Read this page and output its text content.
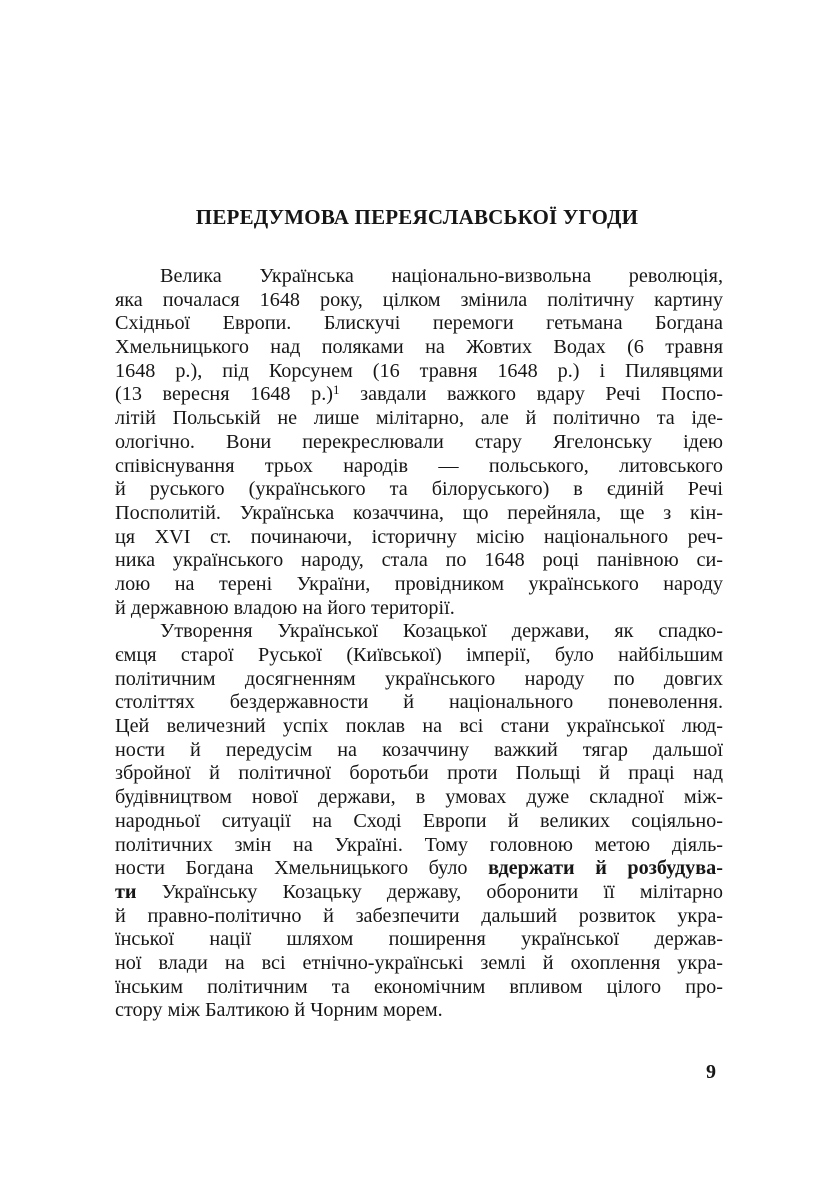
ПЕРЕДУМОВА ПЕРЕЯСЛАВСЬКОЇ УГОДИ
Велика Українська національно-визвольна революція,
яка почалася 1648 року, цілком змінила політичну картину
Східньої Европи. Блискучі перемоги гетьмана Богдана
Хмельницького над поляками на Жовтих Водах (6 травня
1648 р.), під Корсунем (16 травня 1648 р.) і Пилявцями
(13 вересня 1648 р.)$^1$ завдали важкого вдару Речі Поспо-
літій Польській не лише мілітарно, але й політично та іде-
ологічно. Вони перекреслювали стару Ягелонську ідею
співіснування трьох народів — польського, литовського
й руського (українського та білоруського) в єдиній Речі
Посполитій. Українська козаччина, що перейняла, ще з кін-
ця XVI ст. починаючи, історичну місію національного реч-
ника українського народу, стала по 1648 році панівною си-
лою на терені України, провідником українського народу
й державною владою на його території.
Утворення Української Козацької держави, як спадко-
ємця старої Руської (Київської) імперії, було найбільшим
політичним досягненням українського народу по довгих
століттях бездержавности й національного поневолення.
Цей величезний успіх поклав на всі стани української люд-
ности й передусім на козаччину важкий тягар дальшої
збройної й політичної боротьби проти Польщі й праці над
будівництвом нової держави, в умовах дуже складної між-
народньої ситуації на Сході Европи й великих соціяльно-
політичних змін на Україні. Тому головною метою діяль-
ности Богдана Хмельницького було вдержати й розбудува-
ти Українську Козацьку державу, оборонити її мілітарно
й правно-політично й забезпечити дальший розвиток укра-
їнської нації шляхом поширення української держав-
ної влади на всі етнічно-українські землі й охоплення укра-
їнським політичним та економічним впливом цілого про-
стору між Балтикою й Чорним морем.

9
